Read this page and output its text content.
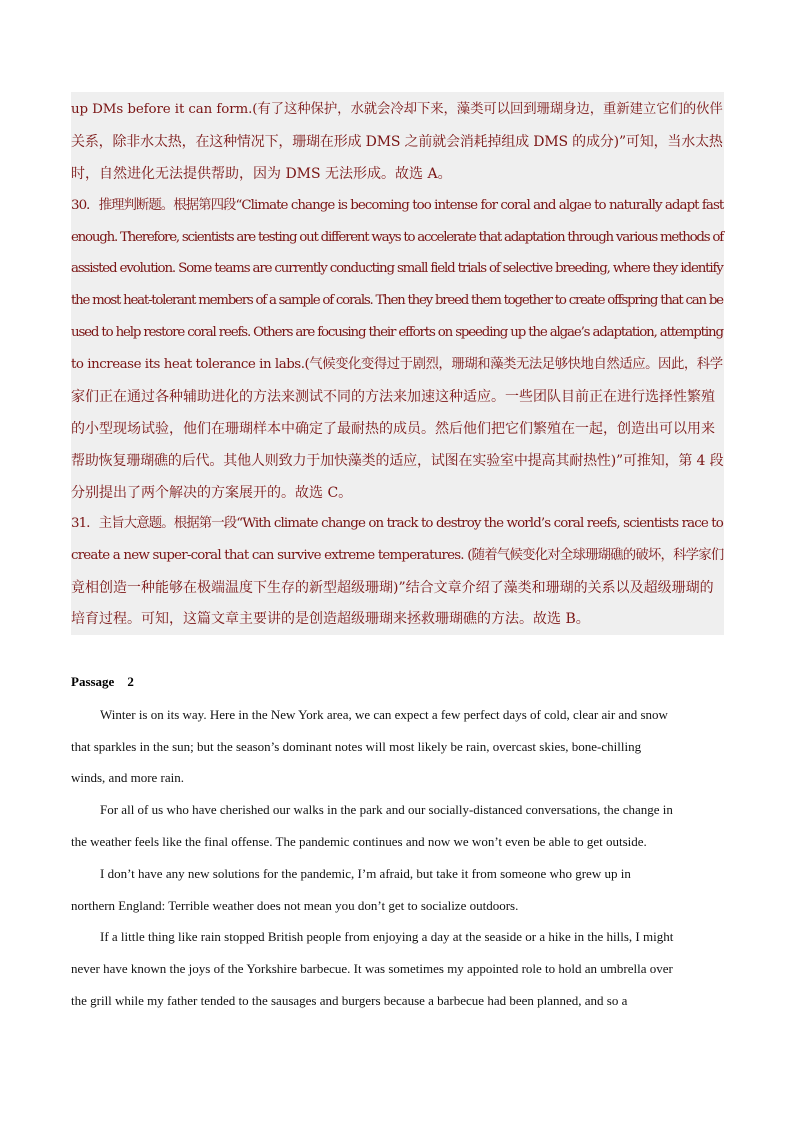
up DMs before it can form.(有了这种保护，水就会冷却下来，藻类可以回到珊瑚身边，重新建立它们的伙伴
关系，除非水太热，在这种情况下，珊瑚在形成 DMS 之前就会消耗掉组成 DMS 的成分)”可知，当水太热
时，自然进化无法提供帮助，因为 DMS 无法形成。故选 A。
30．推理判断题。根据第四段“Climate change is becoming too intense for coral and algae to naturally adapt fast
enough. Therefore, scientists are testing out different ways to accelerate that adaptation through various methods of
assisted evolution. Some teams are currently conducting small field trials of selective breeding, where they identify
the most heat-tolerant members of a sample of corals. Then they breed them together to create offspring that can be
used to help restore coral reefs. Others are focusing their efforts on speeding up the algae’s adaptation, attempting
to increase its heat tolerance in labs.(气候变化变得过于剧烈，珊瑚和藻类无法足够快地自然适应。因此，科学
家们正在通过各种辅助进化的方法来测试不同的方法来加速这种适应。一些团队目前正在进行选择性繁殖
的小型现场试验，他们在珊瑚样本中确定了最耐热的成员。然后他们把它们繁殖在一起，创造出可以用来
帮助恢复珊瑚礁的后代。其他人则致力于加快藻类的适应，试图在实验室中提高其耐热性)”可推知，第 4 段
分别提出了两个解决的方案展开的。故选 C。
31．主旨大意题。根据第一段“With climate change on track to destroy the world’s coral reefs, scientists race to
create a new super-coral that can survive extreme temperatures. (随着气候变化对全球珊瑚礁的破坏，科学家们
竟相创造一种能够在极端温度下生存的新型超级珊瑚)”结合文章介绍了藻类和珊瑚的关系以及超级珊瑚的
培育过程。可知，这篇文章主要讲的是创造超级珊瑚来拯救珊瑚礁的方法。故选 B。
Passage    2
Winter is on its way. Here in the New York area, we can expect a few perfect days of cold, clear air and snow
that sparkles in the sun; but the season’s dominant notes will most likely be rain, overcast skies, bone-chilling
winds, and more rain.
For all of us who have cherished our walks in the park and our socially-distanced conversations, the change in
the weather feels like the final offense. The pandemic continues and now we won’t even be able to get outside.
I don’t have any new solutions for the pandemic, I’m afraid, but take it from someone who grew up in
northern England: Terrible weather does not mean you don’t get to socialize outdoors.
If a little thing like rain stopped British people from enjoying a day at the seaside or a hike in the hills, I might
never have known the joys of the Yorkshire barbecue. It was sometimes my appointed role to hold an umbrella over
the grill while my father tended to the sausages and burgers because a barbecue had been planned, and so a
